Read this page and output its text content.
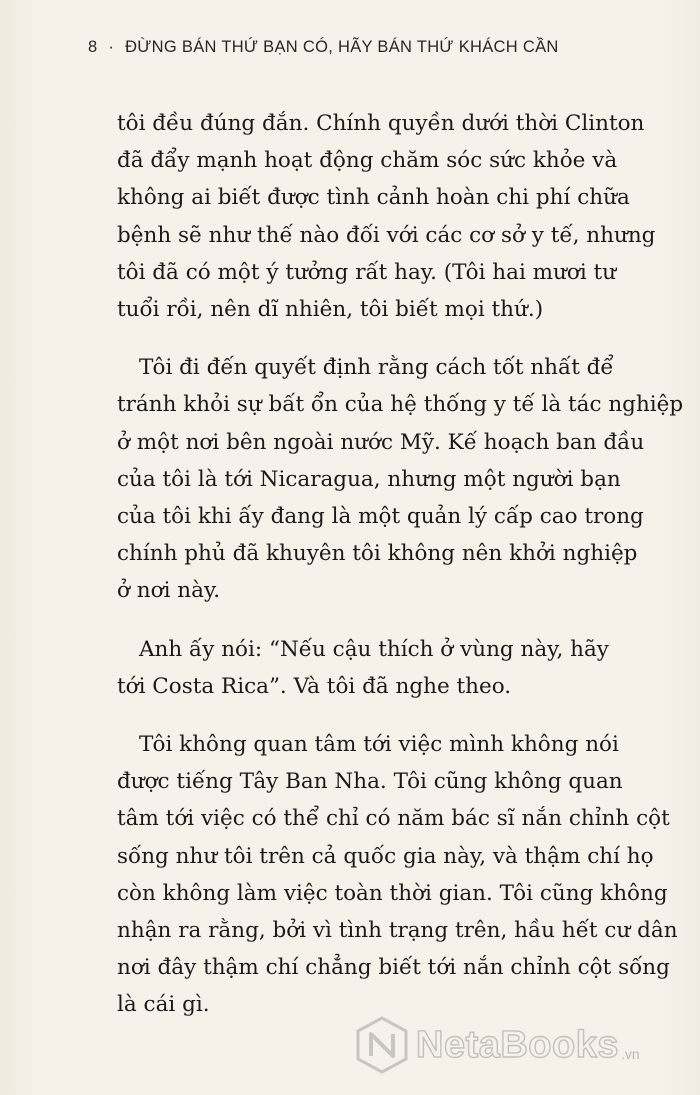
8 · ĐỪNG BÁN THỨ BẠN CÓ, HÃY BÁN THỨ KHÁCH CẦN

tôi đều đúng đắn. Chính quyền dưới thời Clinton
đã đẩy mạnh hoạt động chăm sóc sức khỏe và
không ai biết được tình cảnh hoàn chi phí chữa
bệnh sẽ như thế nào đối với các cơ sở y tế, nhưng
tôi đã có một ý tưởng rất hay. (Tôi hai mươi tư
tuổi rồi, nên dĩ nhiên, tôi biết mọi thứ.)

Tôi đi đến quyết định rằng cách tốt nhất để
tránh khỏi sự bất ổn của hệ thống y tế là tác nghiệp
ở một nơi bên ngoài nước Mỹ. Kế hoạch ban đầu
của tôi là tới Nicaragua, nhưng một người bạn
của tôi khi ấy đang là một quản lý cấp cao trong
chính phủ đã khuyên tôi không nên khởi nghiệp
ở nơi này.

Anh ấy nói: “Nếu cậu thích ở vùng này, hãy
tới Costa Rica”. Và tôi đã nghe theo.

Tôi không quan tâm tới việc mình không nói
được tiếng Tây Ban Nha. Tôi cũng không quan
tâm tới việc có thể chỉ có năm bác sĩ nắn chỉnh cột
sống như tôi trên cả quốc gia này, và thậm chí họ
còn không làm việc toàn thời gian. Tôi cũng không
nhận ra rằng, bởi vì tình trạng trên, hầu hết cư dân
nơi đây thậm chí chẳng biết tới nắn chỉnh cột sống
là cái gì.

NetaBooks .vn
